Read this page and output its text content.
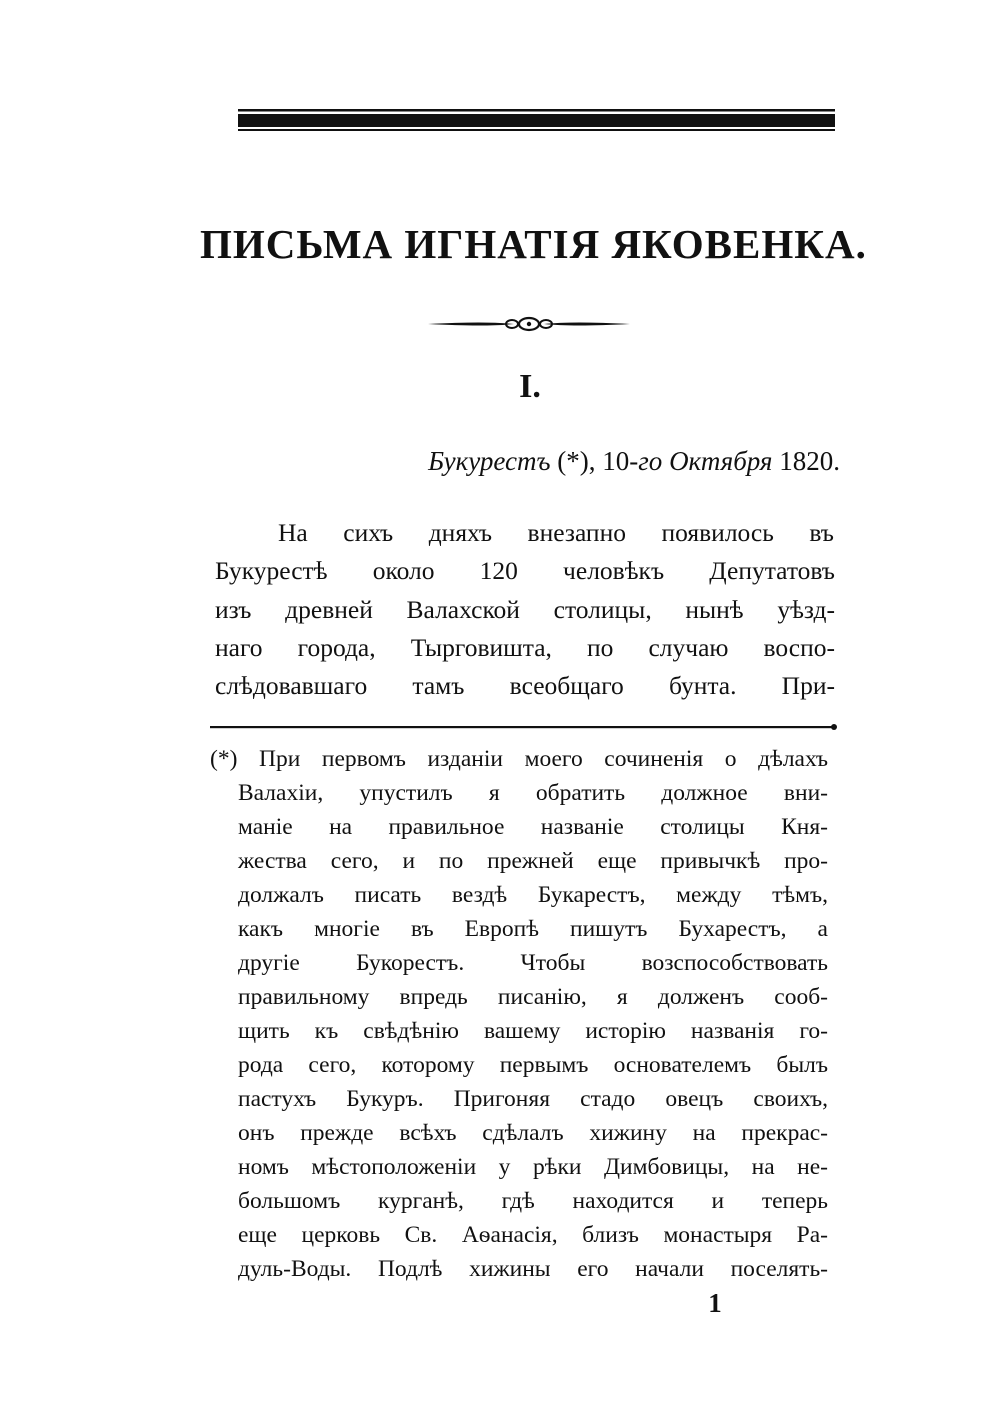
ПИСЬМА ИГНАТІЯ ЯКОВЕНКА.
I.
Букурестъ (*), 10-го Октября 1820.
На сихъ дняхъ внезапно появилось въ
Букурестѣ около 120 человѣкъ Депутатовъ
изъ древней Валахской столицы, нынѣ уѣзд-
наго города, Тырговишта, по случаю воспо-
слѣдовавшаго тамъ всеобщаго бунта. При-
(*) При первомъ изданіи моего сочиненія о дѣлахъ
Валахіи, упустилъ я обратить должное вни-
маніе на правильное названіе столицы Кня-
жества сего, и по прежней еще привычкѣ про-
должалъ писать вездѣ Букарестъ, между тѣмъ,
какъ многіе въ Европѣ пишутъ Бухарестъ, а
другіе Букорестъ. Чтобы возспособствовать
правильному впредь писанію, я долженъ сооб-
щить къ свѣдѣнію вашему исторію названія го-
рода сего, которому первымъ основателемъ былъ
пастухъ Букуръ. Пригоняя стадо овецъ своихъ,
онъ прежде всѣхъ сдѣлалъ хижину на прекрас-
номъ мѣстоположеніи у рѣки Димбовицы, на не-
большомъ курганѣ, гдѣ находится и теперь
еще церковь Св. Аѳанасія, близъ монастыря Ра-
дуль-Воды. Подлѣ хижины его начали поселять-
1
